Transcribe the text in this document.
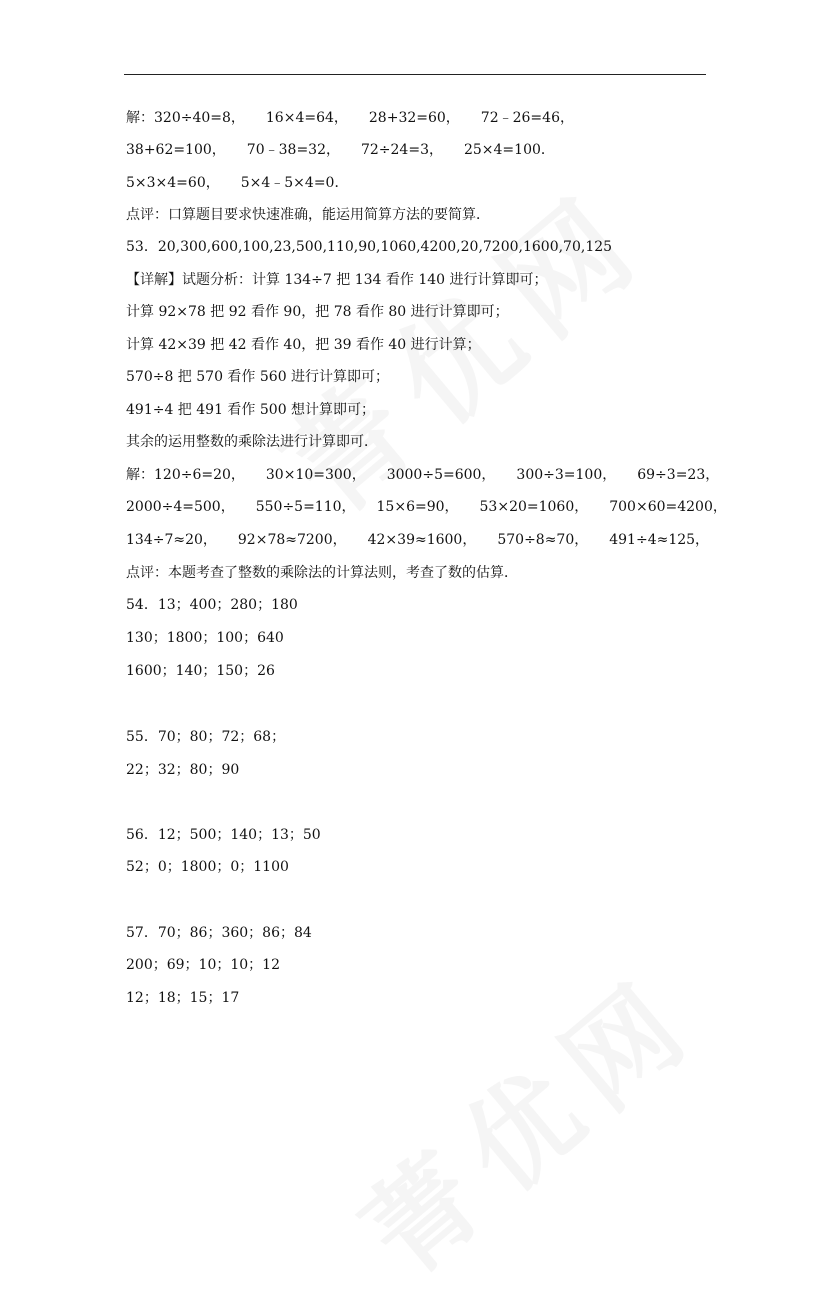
解：320÷40=8，　　16×4=64，　　28+32=60，　　72﹣26=46，
38+62=100，　　70﹣38=32，　　72÷24=3，　　25×4=100．
5×3×4=60，　　5×4﹣5×4=0．
点评：口算题目要求快速准确，能运用简算方法的要简算．
53．20,300,600,100,23,500,110,90,1060,4200,20,7200,1600,70,125
【详解】试题分析：计算 134÷7 把 134 看作 140 进行计算即可；
计算 92×78 把 92 看作 90，把 78 看作 80 进行计算即可；
计算 42×39 把 42 看作 40，把 39 看作 40 进行计算；
570÷8 把 570 看作 560 进行计算即可；
491÷4 把 491 看作 500 想计算即可；
其余的运用整数的乘除法进行计算即可．
解：120÷6=20，　　30×10=300，　　3000÷5=600，　　300÷3=100，　　69÷3=23，
2000÷4=500，　　550÷5=110，　　15×6=90，　　53×20=1060，　　700×60=4200，
134÷7≈20，　　92×78≈7200，　　42×39≈1600，　　570÷8≈70，　　491÷4≈125，
点评：本题考查了整数的乘除法的计算法则，考查了数的估算．
54．13；400；280；180
130；1800；100；640
1600；140；150；26
55．70；80；72；68；
22；32；80；90
56．12；500；140；13；50
52；0；1800；0；1100
57．70；86；360；86；84
200；69；10；10；12
12；18；15；17
